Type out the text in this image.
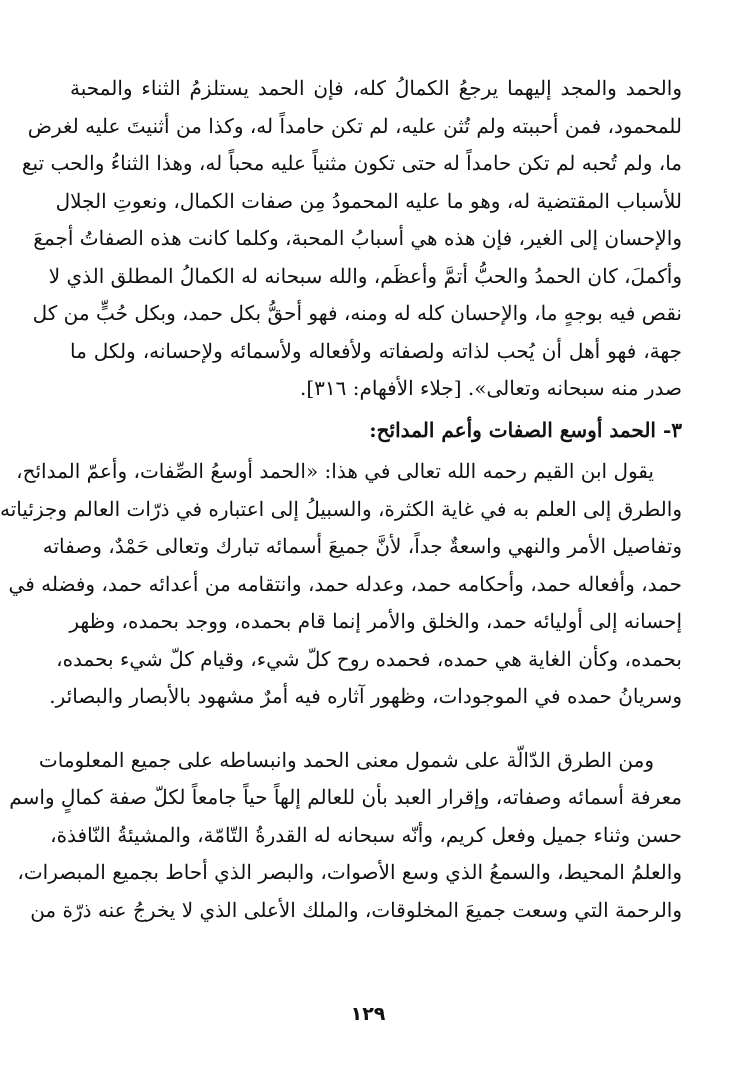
والحمد والمجد إليهما يرجعُ الكمالُ كله، فإن الحمد يستلزمُ الثناء والمحبة
للمحمود، فمن أحببته ولم تُثن عليه، لم تكن حامداً له، وكذا من أثنيتَ عليه لغرض
ما، ولم تُحبه لم تكن حامداً له حتى تكون مثنياً عليه محباً له، وهذا الثناءُ والحب تبع
للأسباب المقتضية له، وهو ما عليه المحمودُ مِن صفات الكمال، ونعوتِ الجلال
والإحسان إلى الغير، فإن هذه هي أسبابُ المحبة، وكلما كانت هذه الصفاتُ أجمعَ
وأكملَ، كان الحمدُ والحبُّ أتمَّ وأعظَم، والله سبحانه له الكمالُ المطلق الذي لا
نقص فيه بوجهٍ ما، والإحسان كله له ومنه، فهو أحقُّ بكل حمد، وبكل حُبٍّ من كل
جهة، فهو أهل أن يُحب لذاته ولصفاته ولأفعاله ولأسمائه ولإحسانه، ولكل ما
صدر منه سبحانه وتعالى». [جلاء الأفهام: ٣١٦].
٣- الحمد أوسع الصفات وأعم المدائح:
يقول ابن القيم رحمه الله تعالى في هذا: «الحمد أوسعُ الصِّفات، وأعمّ المدائح،
والطرق إلى العلم به في غاية الكثرة، والسبيلُ إلى اعتباره في ذرّات العالم وجزئياته
وتفاصيل الأمر والنهي واسعةٌ جداً، لأنَّ جميعَ أسمائه تبارك وتعالى حَمْدٌ، وصفاته
حمد، وأفعاله حمد، وأحكامه حمد، وعدله حمد، وانتقامه من أعدائه حمد، وفضله في
إحسانه إلى أوليائه حمد، والخلق والأمر إنما قام بحمده، ووجد بحمده، وظهر
بحمده، وكأن الغاية هي حمده، فحمده روح كلّ شيء، وقيام كلّ شيء بحمده،
وسريانُ حمده في الموجودات، وظهور آثاره فيه أمرٌ مشهود بالأبصار والبصائر.
ومن الطرق الدّالّة على شمول معنى الحمد وانبساطه على جميع المعلومات
معرفة أسمائه وصفاته، وإقرار العبد بأن للعالم إلهاً حياً جامعاً لكلّ صفة كمالٍ واسم
حسن وثناء جميل وفعل كريم، وأنّه سبحانه له القدرةُ التّامّة، والمشيئةُ النّافذة،
والعلمُ المحيط، والسمعُ الذي وسع الأصوات، والبصر الذي أحاط بجميع المبصرات،
والرحمة التي وسعت جميعَ المخلوقات، والملك الأعلى الذي لا يخرجُ عنه ذرّة من
١٢٩
